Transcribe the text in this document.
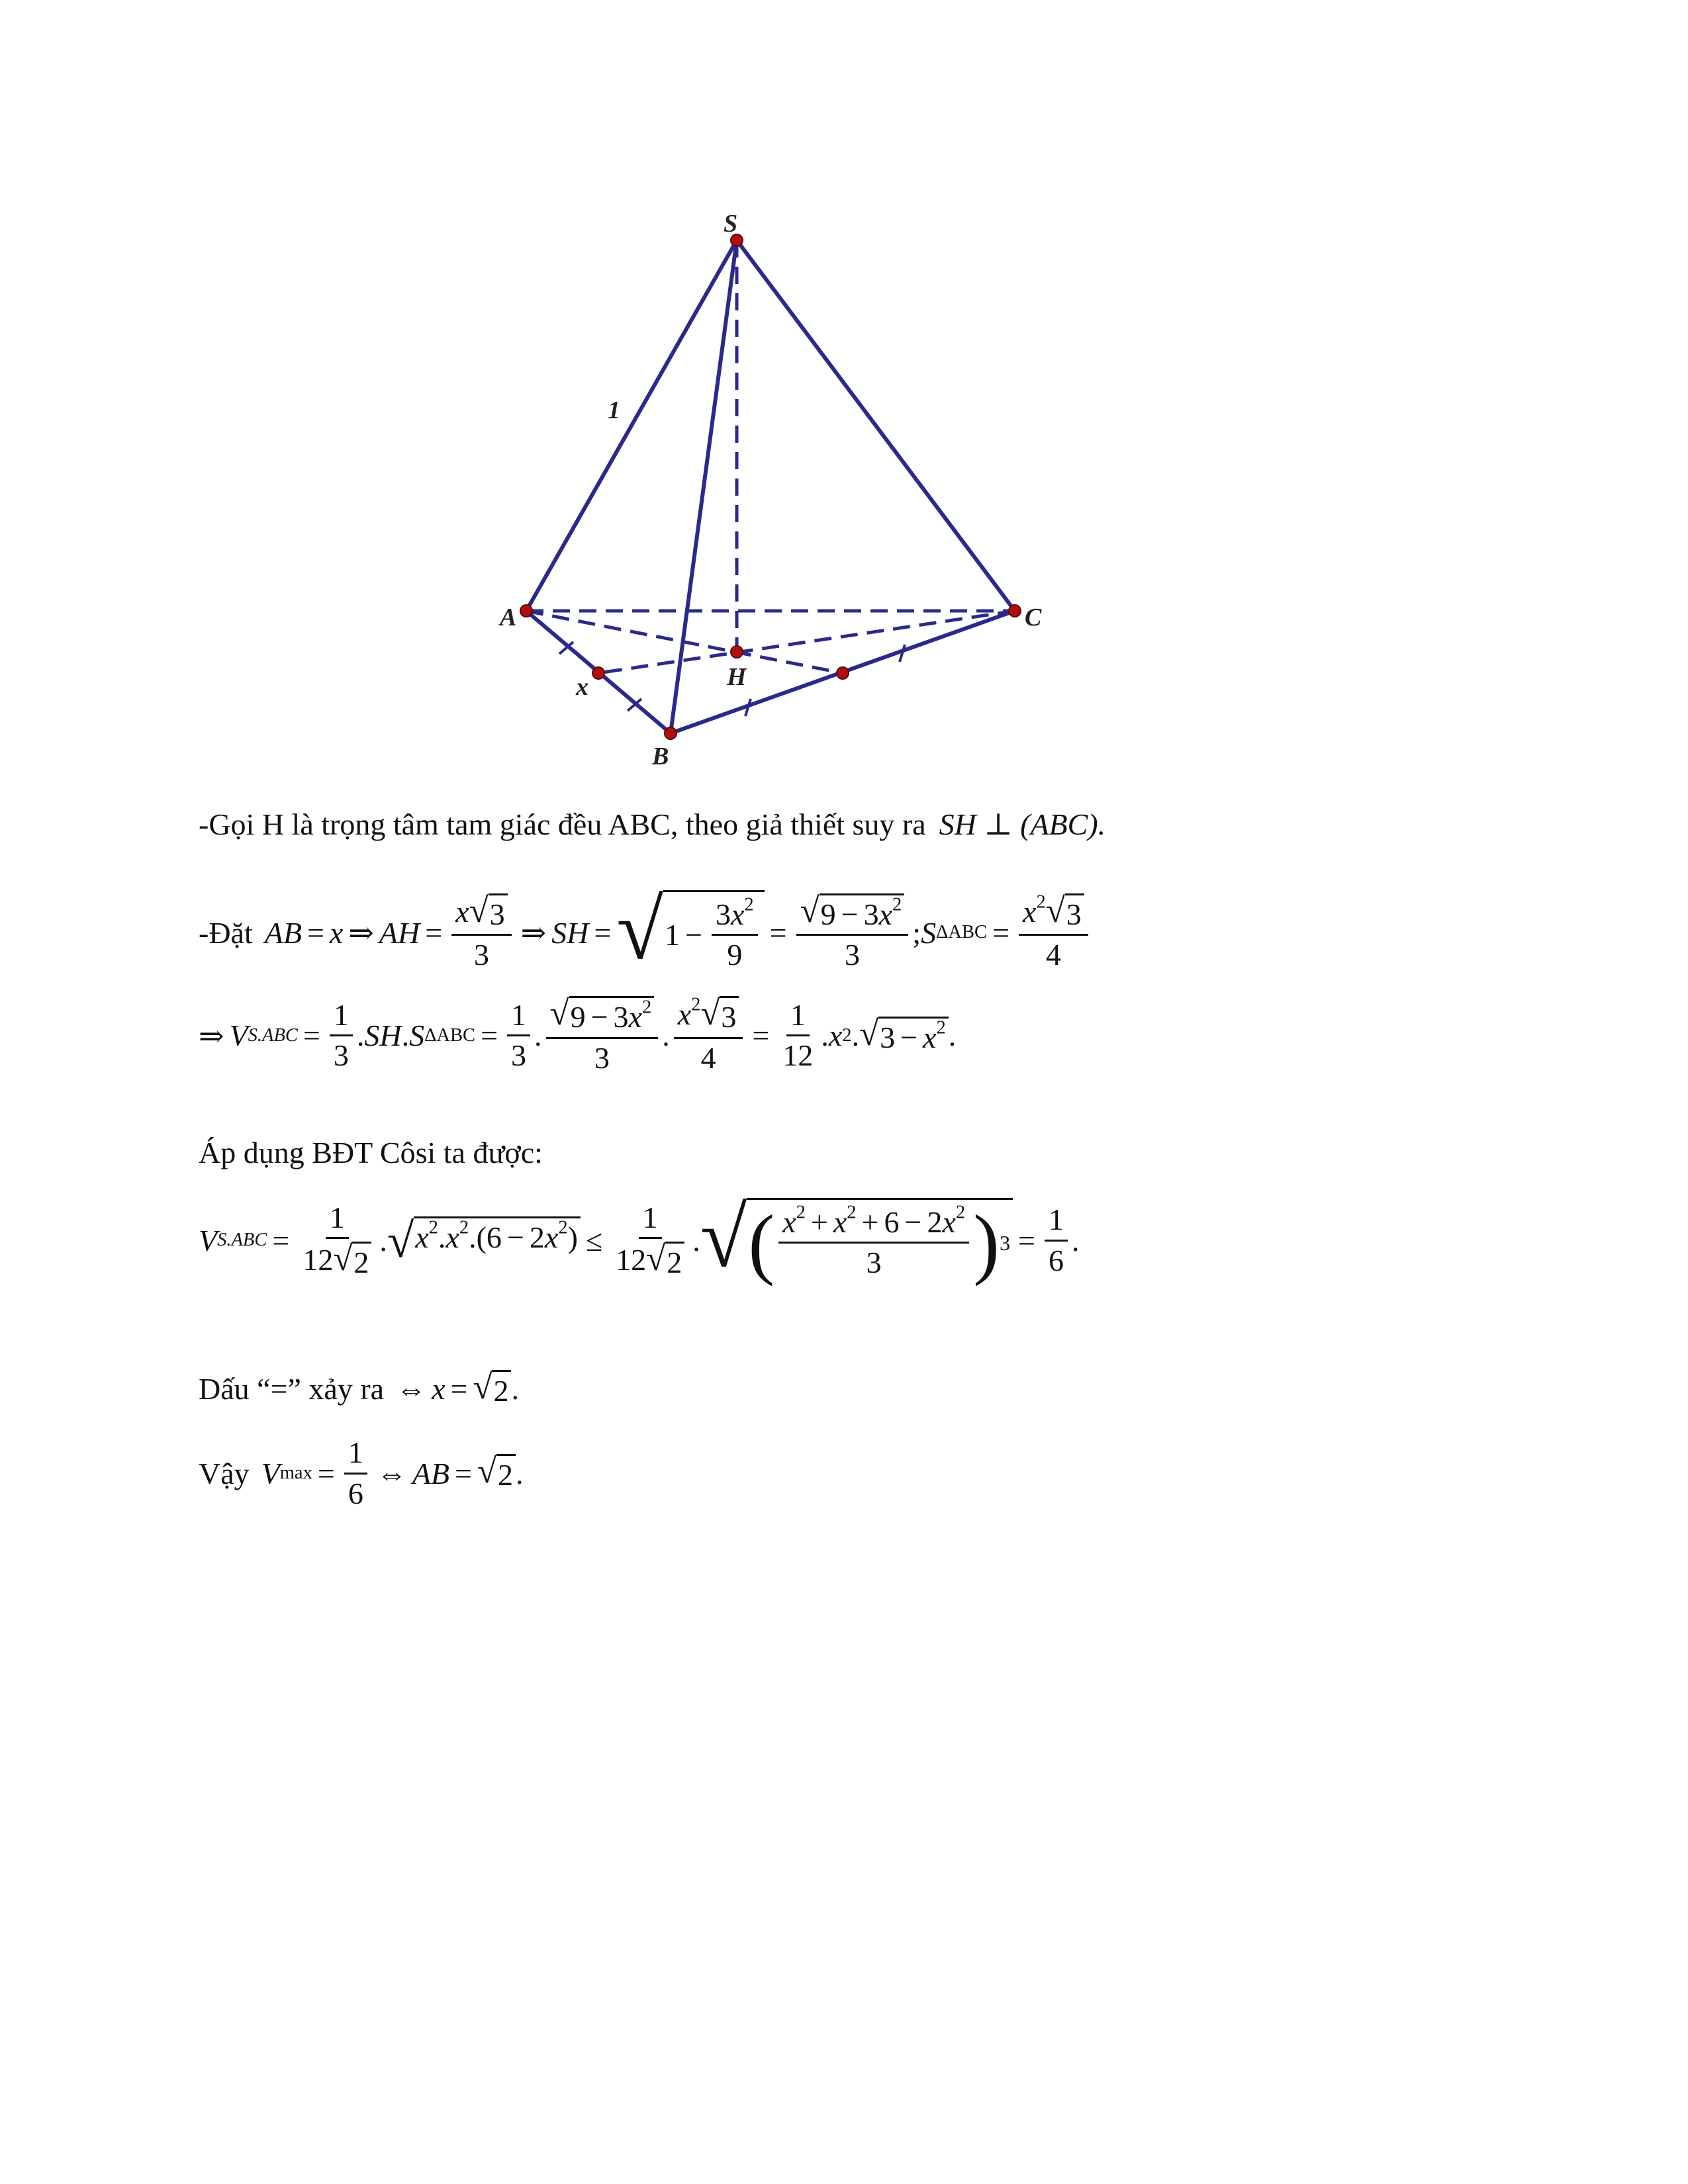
S
A
B
C
H
1
x
-Gọi H là trọng tâm tam giác đều ABC, theo giả thiết suy ra SH ⊥ (ABC).
-Đặt AB = x ⇒ AH = $\frac{x √ 3}{3}$ ⇒ SH = √ $1 - \frac{3x^2}{9} = \frac{√ 9 - 3x^2}{3}$ ; S $\Delta ABC = \frac{x^2 √ 3}{4}$
⇒ V $S.ABC = \frac{1}{3}$ . SH . S $\Delta ABC = \frac{1}{3}$ . $\frac{√ 9 - 3x^2}{3}$ . $\frac{x^2 √ 3}{4} = \frac{1}{12}$ . x 2 . √ $3 - x^2$ .
Áp dụng BĐT Côsi ta được:
V $S.ABC = \frac{1}{12 √ 2}$ . √ $x^2.x^2.(6 - 2x^2) \le \frac{1}{12 √ 2}$ . √ ( $\frac{x^2 + x^2 + 6 - 2x^2}{3}$ ) $3 = \frac{1}{6}$ .
Dấu “=” xảy ra ⇔ x = √ 2 .
Vậy V $\max = \frac{1}{6}$ ⇔ AB = √ 2 .
